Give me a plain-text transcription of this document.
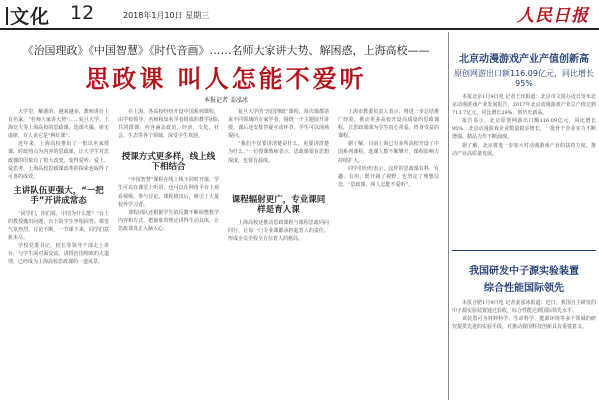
文化 12	2018年1月10日 星期三	人民日报
《治国理政》《中国智慧》《时代音画》……名师大家讲大势、解困惑，上海高校——
思政课 叫人怎能不爱听
本报记者 姜泓冰

大学里，解惑的，越来越多，教师讲台上有名家，“名师大家讲大势”……复旦大学、上海交大等上海高校的思政课，选课火爆，座无虚席，有人说它是“网红课”。

近年来，上海高校推出了一批以名家授课、时政热点为内容的思政课，让大学生对思政课的印象有了很大改变，变得爱听、爱上、爱思考，上海高校思政课改革的探索也取得了可喜的成效。

主讲队伍更强大，“一把手”开讲成常态

“同学们，你们说，中国为什么能？”台上的教授抛出问题，台下的学生争相回答。课堂气氛热烈，讨论不断，一节课下来，同学们意犹未尽。

学校党委书记、校长等领导干部走上讲台，与学生面对面交流，讲授治国理政的大道理，已经成为上海高校思政课的一道风景。

在上海，各高校纷纷开设中国系列课程，由学校领导、名师和知名学者组成的教学团队共同授课，内容涵盖政治、经济、文化、社会、生态等各个领域，深受学生欢迎。

授课方式更多样，线上线下相结合

“中国智慧”课程在线上线下同时开课，学生可以在课堂上听讲，也可以在网络平台上观看视频、参与讨论。课程推出后，吸引了大量校外学习者。

课程团队还根据学生的反馈不断调整教学内容和方式，把抽象的理论讲得生动具体，让思政课真正入脑入心。

复旦大学的“治国理政”课程，每次课都请来不同领域的专家学者，围绕一个主题展开讲授，课后还安排答疑互动环节，学生可以现场提问。

“我们不仅要讲清楚是什么，更要讲清楚为什么。”一位授课教师表示，思政课要有思想深度，也要有温度。

课程辐射更广，专业课同样是育人课

上海高校还推动思政课程与课程思政同向同行，让每一门专业课都承担起育人的责任，形成全员全程全方位育人的格局。

上海市教委负责人表示，将进一步总结推广经验，推动更多高校开设高质量的思政课程，让思政课成为学生真心喜爱、终身受益的课程。

据了解，目前上海已有多所高校开设了中国系列课程，选课人数不断攀升，课程影响力持续扩大。

同学们纷纷表示，这样的思政课有料、有趣、有用，既开阔了视野，也坚定了理想信念，“思政课，叫人怎能不爱听”。

北京动漫游戏产业产值创新高
原创网游出口额116.09亿元，同比增长95%

本报北京1月9日电 记者王珏报道：北京市文资办近日发布北京动漫游戏产业发展报告，2017年北京动漫游戏产业总产值达到713.7亿元，同比增长29%，创历史新高。

报告显示，北京原创网游出口额116.09亿元，同比增长95%。北京动漫游戏企业数量稳步增长，一批骨干企业实力不断增强，精品力作不断涌现。

据了解，北京将进一步加大对动漫游戏产业的扶持力度，推动产业高质量发展。

我国研发中子源实验装置
综合性能国际领先

本报合肥1月9日电 记者姜泓冰报道：近日，我国自主研发的中子源实验装置通过验收，综合性能达到国际领先水平。

该装置可为材料科学、生命科学、能源环境等多个领域的研究提供先进的实验手段，对推动我国科技创新具有重要意义。
